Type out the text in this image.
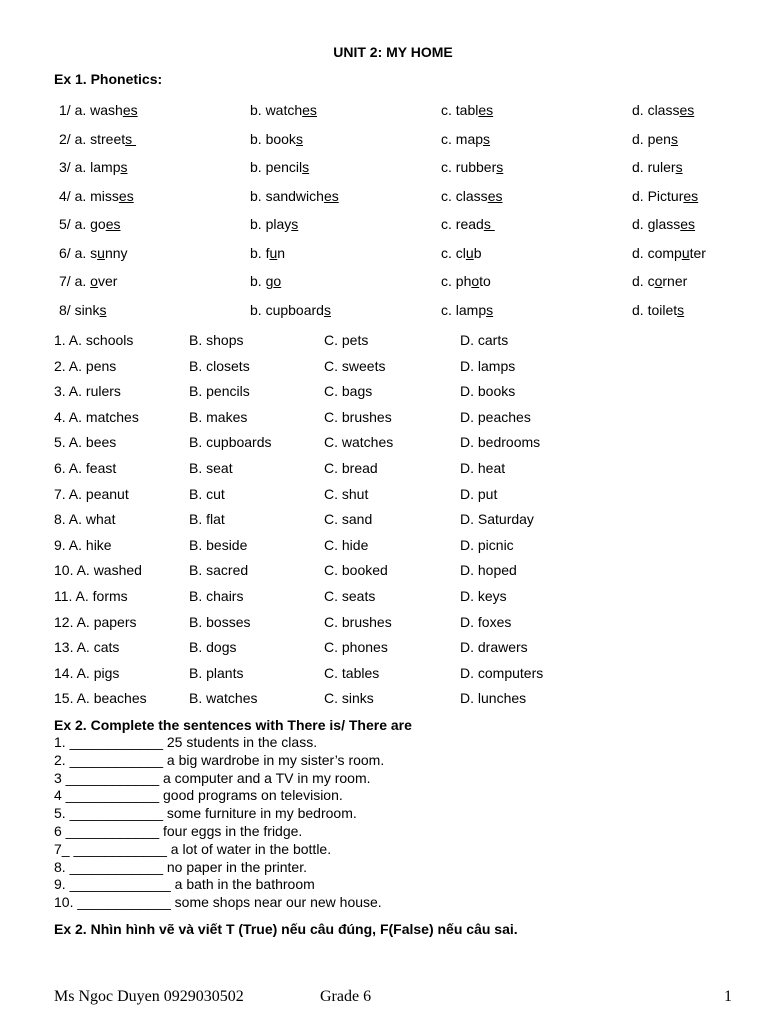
UNIT 2: MY HOME
Ex 1. Phonetics:
1/ a. washes	b. watches	c. tables	d. classes
2/ a. streets	b. books	c. maps	d. pens
3/ a. lamps	b. pencils	c. rubbers	d. rulers
4/ a. misses	b. sandwiches	c. classes	d. Pictures
5/ a. goes	b. plays	c. reads	d. glasses
6/ a. sunny	b. fun	c. club	d. computer
7/ a. over	b. go	c. photo	d. corner
8/ sinks	b. cupboards	c. lamps	d. toilets
1. A. schools	B. shops	C. pets	D. carts
2. A. pens	B. closets	C. sweets	D. lamps
3. A. rulers	B. pencils	C. bags	D. books
4. A. matches	B. makes	C. brushes	D. peaches
5. A. bees	B. cupboards	C. watches	D. bedrooms
6. A. feast	B. seat	C. bread	D. heat
7. A. peanut	B. cut	C. shut	D. put
8. A. what	B. flat	C. sand	D. Saturday
9. A. hike	B. beside	C. hide	D. picnic
10. A. washed	B. sacred	C. booked	D. hoped
11. A. forms	B. chairs	C. seats	D. keys
12. A. papers	B. bosses	C. brushes	D. foxes
13. A. cats	B. dogs	C. phones	D. drawers
14. A. pigs	B. plants	C. tables	D. computers
15. A. beaches	B. watches	C. sinks	D. lunches
Ex 2. Complete the sentences with There is/ There are
1. ____________ 25 students in the class.
2. ____________ a big wardrobe in my sister’s room.
3 ____________ a computer and a TV in my room.
4 ____________ good programs on television.
5. ____________ some furniture in my bedroom.
6 ____________ four eggs in the fridge.
7_ ____________ a lot of water in the bottle.
8. ____________ no paper in the printer.
9. _____________ a bath in the bathroom
10. ____________ some shops near our new house.
Ex 2. Nhìn hình vẽ và viết T (True) nếu câu đúng, F(False) nếu câu sai.
Ms Ngoc Duyen 0929030502	Grade 6	1
